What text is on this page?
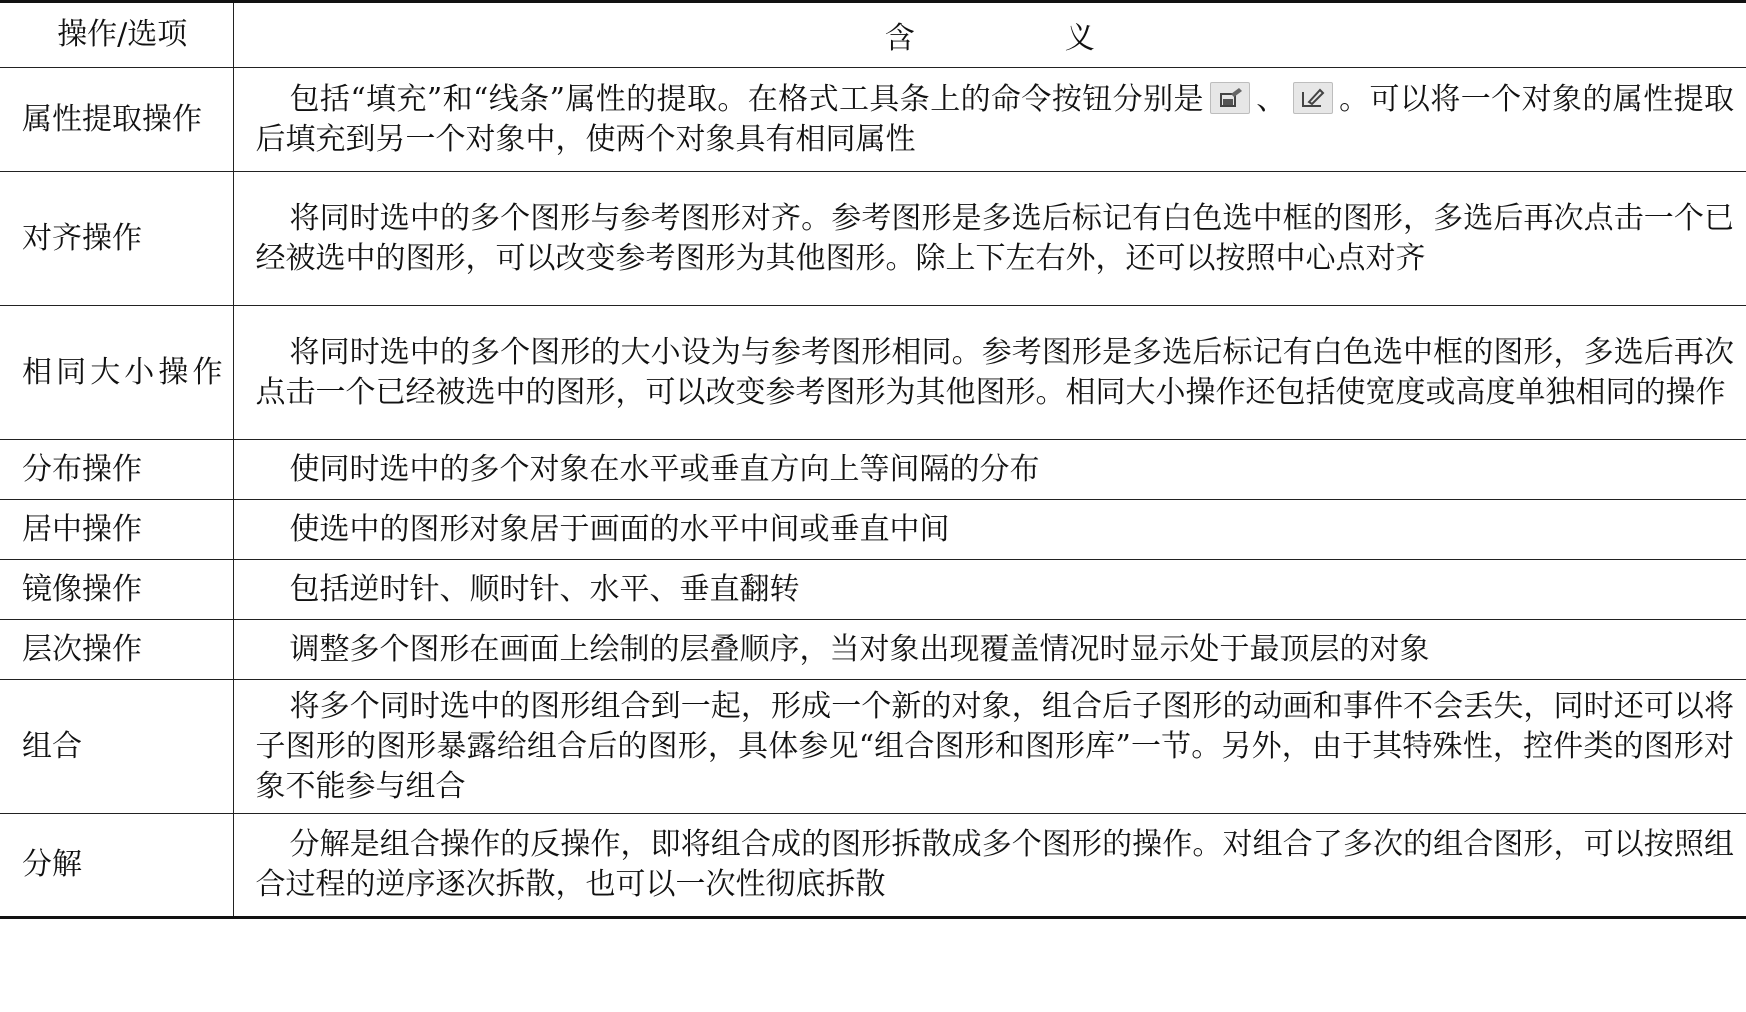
操作/选项	含　义
属性提取操作	包括“填充”和“线条”属性的提取。在格式工具条上的命令按钮分别是 、 。可以将一个对象的属性提取后填充到另一个对象中，使两个对象具有相同属性
对齐操作	将同时选中的多个图形与参考图形对齐。参考图形是多选后标记有白色选中框的图形，多选后再次点击一个已经被选中的图形，可以改变参考图形为其他图形。除上下左右外，还可以按照中心点对齐
相同大小操作	将同时选中的多个图形的大小设为与参考图形相同。参考图形是多选后标记有白色选中框的图形，多选后再次点击一个已经被选中的图形，可以改变参考图形为其他图形。相同大小操作还包括使宽度或高度单独相同的操作
分布操作	使同时选中的多个对象在水平或垂直方向上等间隔的分布
居中操作	使选中的图形对象居于画面的水平中间或垂直中间
镜像操作	包括逆时针、顺时针、水平、垂直翻转
层次操作	调整多个图形在画面上绘制的层叠顺序，当对象出现覆盖情况时显示处于最顶层的对象
组合	将多个同时选中的图形组合到一起，形成一个新的对象，组合后子图形的动画和事件不会丢失，同时还可以将子图形的图形暴露给组合后的图形，具体参见“组合图形和图形库”一节。另外，由于其特殊性，控件类的图形对象不能参与组合
分解	分解是组合操作的反操作，即将组合成的图形拆散成多个图形的操作。对组合了多次的组合图形，可以按照组合过程的逆序逐次拆散，也可以一次性彻底拆散
